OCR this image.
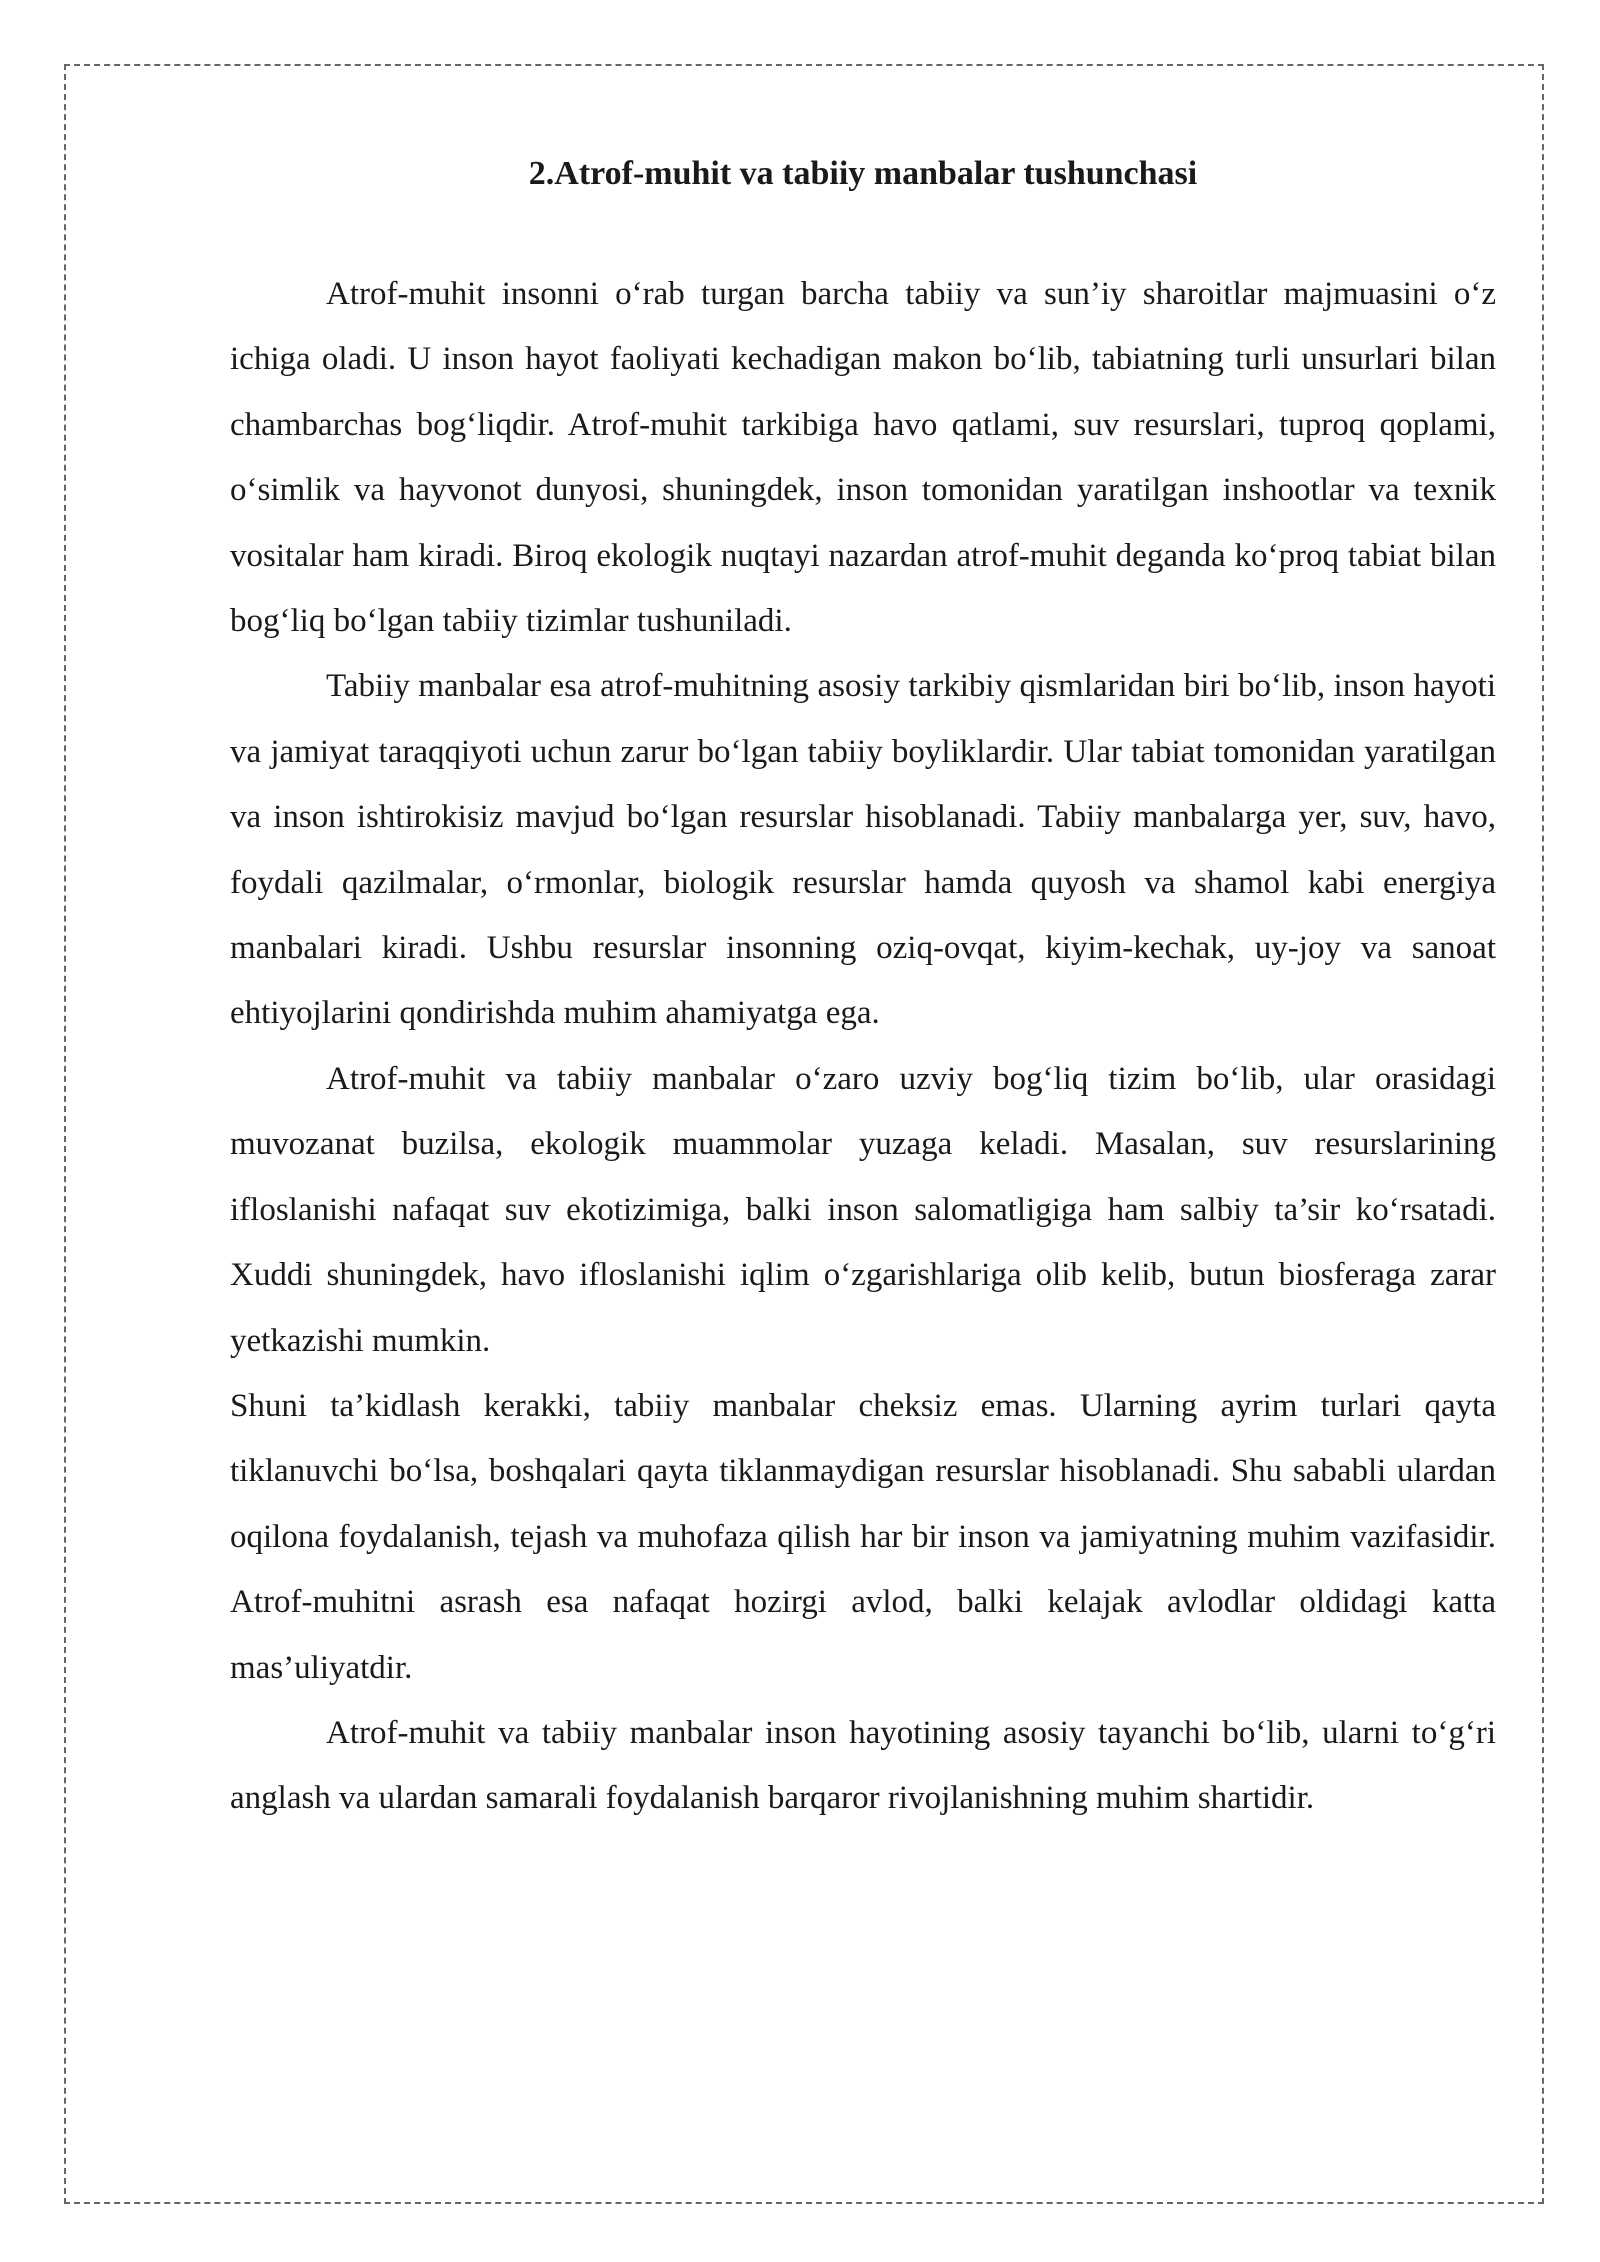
2.Atrof-muhit va tabiiy manbalar tushunchasi

Atrof-muhit insonni o‘rab turgan barcha tabiiy va sun’iy sharoitlar majmuasini o‘z ichiga oladi. U inson hayot faoliyati kechadigan makon bo‘lib, tabiatning turli unsurlari bilan chambarchas bog‘liqdir. Atrof-muhit tarkibiga havo qatlami, suv resurslari, tuproq qoplami, o‘simlik va hayvonot dunyosi, shuningdek, inson tomonidan yaratilgan inshootlar va texnik vositalar ham kiradi. Biroq ekologik nuqtayi nazardan atrof-muhit deganda ko‘proq tabiat bilan bog‘liq bo‘lgan tabiiy tizimlar tushuniladi.

Tabiiy manbalar esa atrof-muhitning asosiy tarkibiy qismlaridan biri bo‘lib, inson hayoti va jamiyat taraqqiyoti uchun zarur bo‘lgan tabiiy boyliklardir. Ular tabiat tomonidan yaratilgan va inson ishtirokisiz mavjud bo‘lgan resurslar hisoblanadi. Tabiiy manbalarga yer, suv, havo, foydali qazilmalar, o‘rmonlar, biologik resurslar hamda quyosh va shamol kabi energiya manbalari kiradi. Ushbu resurslar insonning oziq-ovqat, kiyim-kechak, uy-joy va sanoat ehtiyojlarini qondirishda muhim ahamiyatga ega.

Atrof-muhit va tabiiy manbalar o‘zaro uzviy bog‘liq tizim bo‘lib, ular orasidagi muvozanat buzilsa, ekologik muammolar yuzaga keladi. Masalan, suv resurslarining ifloslanishi nafaqat suv ekotizimiga, balki inson salomatligiga ham salbiy ta’sir ko‘rsatadi. Xuddi shuningdek, havo ifloslanishi iqlim o‘zgarishlariga olib kelib, butun biosferaga zarar yetkazishi mumkin.

Shuni ta’kidlash kerakki, tabiiy manbalar cheksiz emas. Ularning ayrim turlari qayta tiklanuvchi bo‘lsa, boshqalari qayta tiklanmaydigan resurslar hisoblanadi. Shu sababli ulardan oqilona foydalanish, tejash va muhofaza qilish har bir inson va jamiyatning muhim vazifasidir. Atrof-muhitni asrash esa nafaqat hozirgi avlod, balki kelajak avlodlar oldidagi katta mas’uliyatdir.

Atrof-muhit va tabiiy manbalar inson hayotining asosiy tayanchi bo‘lib, ularni to‘g‘ri anglash va ulardan samarali foydalanish barqaror rivojlanishning muhim shartidir.
